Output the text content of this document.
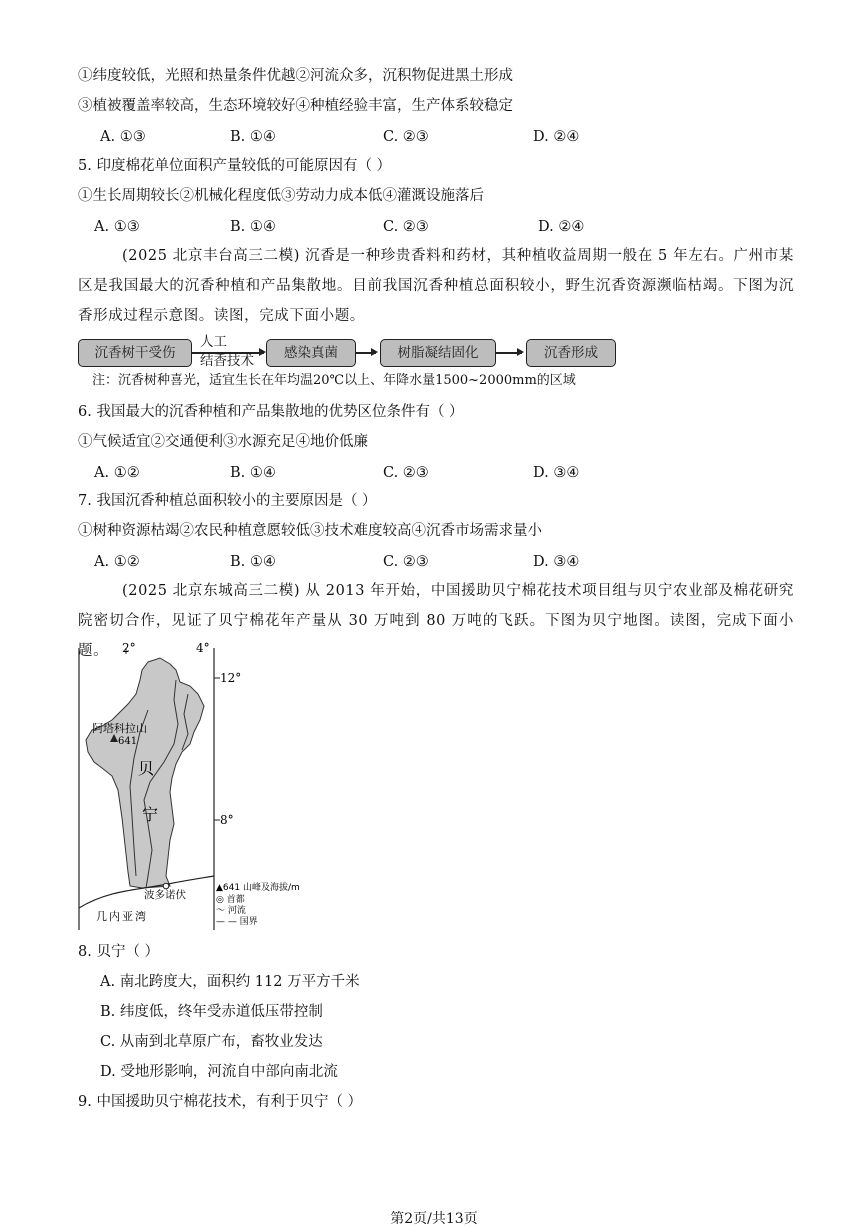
①纬度较低，光照和热量条件优越②河流众多，沉积物促进黑土形成
③植被覆盖率较高，生态环境较好④种植经验丰富，生产体系较稳定
A. ①③	B. ①④	C. ②③	D. ②④
5. 印度棉花单位面积产量较低的可能原因有（ ）
①生长周期较长②机械化程度低③劳动力成本低④灌溉设施落后
A. ①③	B. ①④	C. ②③	D. ②④
(2025 北京丰台高三二模) 沉香是一种珍贵香料和药材，其种植收益周期一般在 5 年左右。广州市某区是我国最大的沉香种植和产品集散地。目前我国沉香种植总面积较小，野生沉香资源濒临枯竭。下图为沉香形成过程示意图。读图，完成下面小题。
沉香树干受伤
人工
结香技术	感染真菌	树脂凝结固化	沉香形成
注：沉香树种喜光，适宜生长在年均温20℃以上、年降水量1500~2000mm的区域
6. 我国最大的沉香种植和产品集散地的优势区位条件有（ ）
①气候适宜②交通便利③水源充足④地价低廉
A. ①②	B. ①④	C. ②③	D. ③④
7. 我国沉香种植总面积较小的主要原因是（ ）
①树种资源枯竭②农民种植意愿较低③技术难度较高④沉香市场需求量小
A. ①②	B. ①④	C. ②③	D. ③④
(2025 北京东城高三二模) 从 2013 年开始，中国援助贝宁棉花技术项目组与贝宁农业部及棉花研究院密切合作，见证了贝宁棉花年产量从 30 万吨到 80 万吨的飞跃。下图为贝宁地图。读图，完成下面小题。	2°	4°
12°
8°
阿塔科拉山
641
贝
宁
波多诺伏
几内亚湾
▲641 山峰及海拔/m
◎ 首都
～ 河流
— — 国界
8. 贝宁（ ）
A. 南北跨度大，面积约 112 万平方千米
B. 纬度低，终年受赤道低压带控制
C. 从南到北草原广布，畜牧业发达
D. 受地形影响，河流自中部向南北流
9. 中国援助贝宁棉花技术，有利于贝宁（ ）
第2页/共13页
